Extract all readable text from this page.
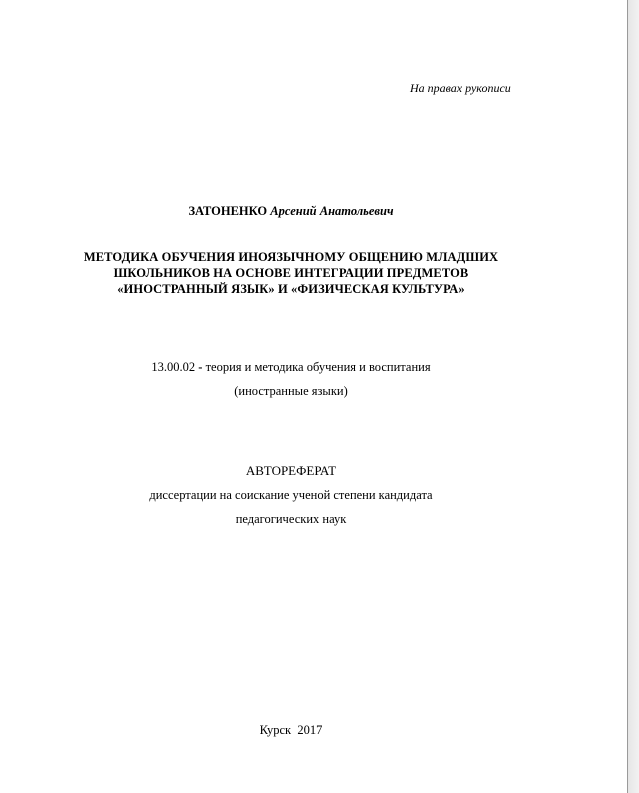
На правах рукописи
ЗАТОНЕНКО Арсений Анатольевич
МЕТОДИКА ОБУЧЕНИЯ ИНОЯЗЫЧНОМУ ОБЩЕНИЮ МЛАДШИХ
ШКОЛЬНИКОВ НА ОСНОВЕ ИНТЕГРАЦИИ ПРЕДМЕТОВ
«ИНОСТРАННЫЙ ЯЗЫК» И «ФИЗИЧЕСКАЯ КУЛЬТУРА»
13.00.02 - теория и методика обучения и воспитания
(иностранные языки)
АВТОРЕФЕРАТ
диссертации на соискание ученой степени кандидата
педагогических наук
Курск 2017
